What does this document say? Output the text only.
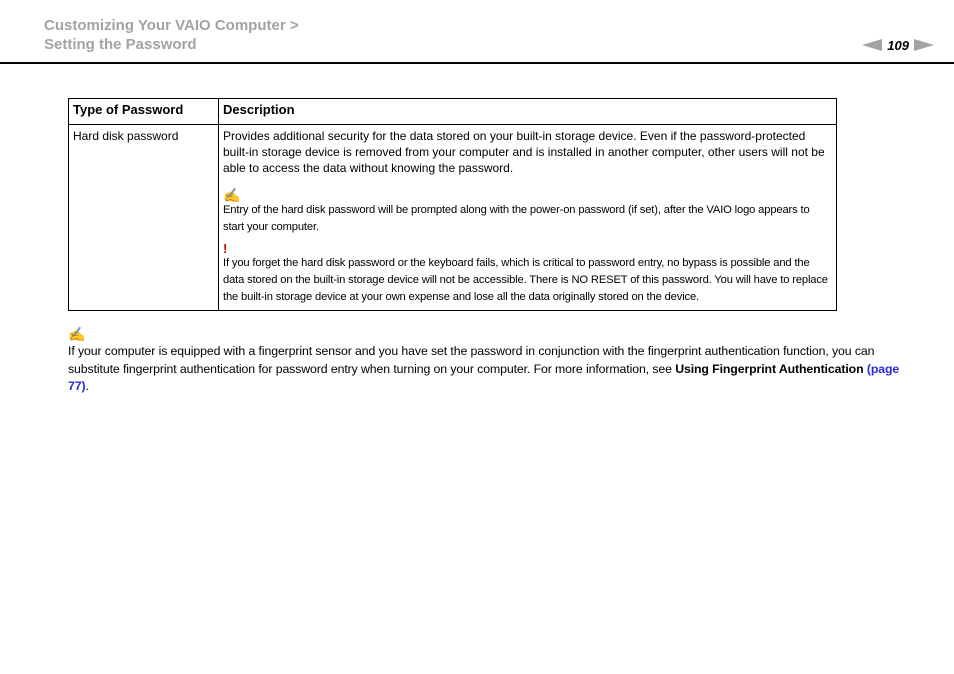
Customizing Your VAIO Computer >
Setting the Password	109
Type of Password	Description
Hard disk password	Provides additional security for the data stored on your built-in storage device. Even if the password-protected built-in storage device is removed from your computer and is installed in another computer, other users will not be able to access the data without knowing the password.
✍
Entry of the hard disk password will be prompted along with the power-on password (if set), after the VAIO logo appears to start your computer.
!
If you forget the hard disk password or the keyboard fails, which is critical to password entry, no bypass is possible and the data stored on the built-in storage device will not be accessible. There is NO RESET of this password. You will have to replace the built-in storage device at your own expense and lose all the data originally stored on the device.
✍
If your computer is equipped with a fingerprint sensor and you have set the password in conjunction with the fingerprint authentication function, you can substitute fingerprint authentication for password entry when turning on your computer. For more information, see Using Fingerprint Authentication (page 77).
